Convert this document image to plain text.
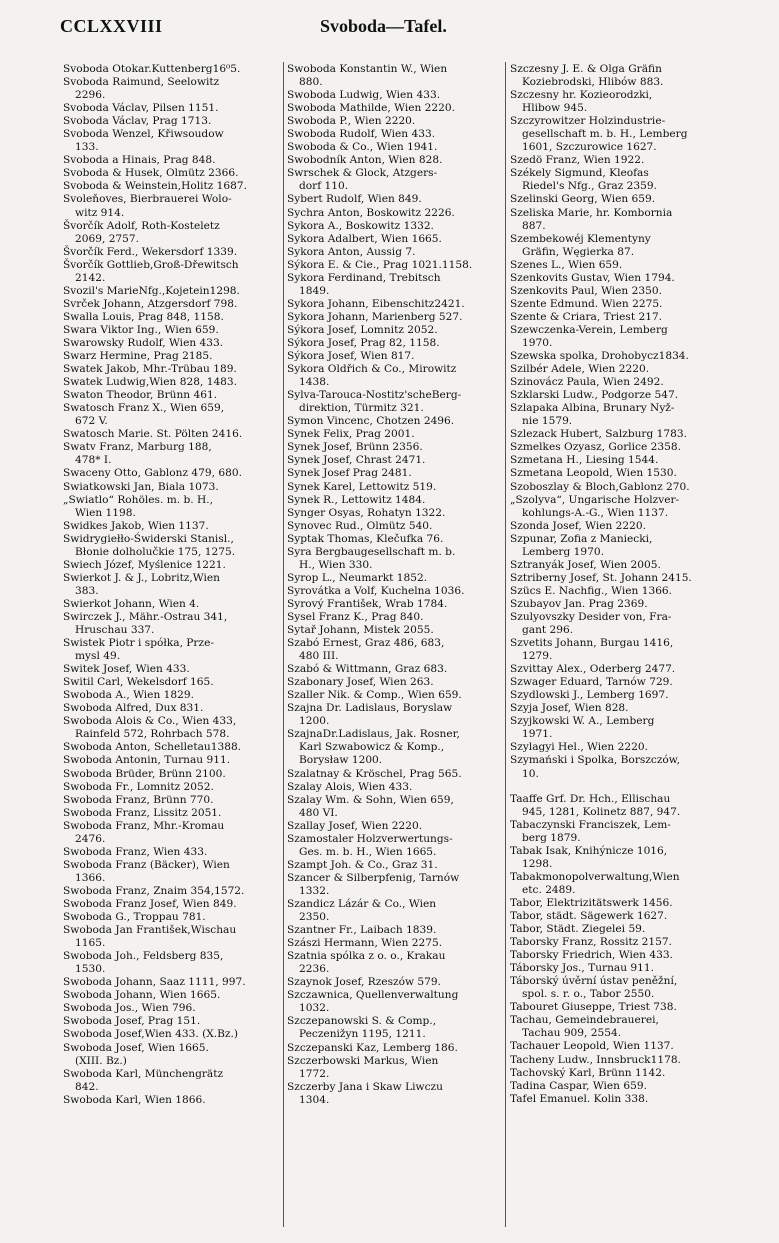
CCLXXVIII	Svoboda—Tafel.
Svoboda Otokar.Kuttenberg16⁰5.
Svoboda Raimund, Seelowitz
2296.
Svoboda Václav, Pilsen 1151.
Svoboda Václav, Prag 1713.
Svoboda Wenzel, Křiwsoudow
133.
Svoboda a Hinais, Prag 848.
Svoboda & Husek, Olmütz 2366.
Svoboda & Weinstein,Holitz 1687.
Svoleňoves, Bierbrauerei Wolo-
witz 914.
Švorčík Adolf, Roth-Kosteletz
2069, 2757.
Švorčík Ferd., Wekersdorf 1339.
Švorčík Gottlieb,Groß-Dřewitsch
2142.
Svozil's MarieNfg.,Kojetein1298.
Svrček Johann, Atzgersdorf 798.
Swalla Louis, Prag 848, 1158.
Swara Viktor Ing., Wien 659.
Swarowsky Rudolf, Wien 433.
Swarz Hermine, Prag 2185.
Swatek Jakob, Mhr.-Trübau 189.
Swatek Ludwig,Wien 828, 1483.
Swaton Theodor, Brünn 461.
Swatosch Franz X., Wien 659,
672 V.
Swatosch Marie. St. Pölten 2416.
Swatv Franz, Marburg 188,
478* I.
Swaceny Otto, Gablonz 479, 680.
Swiatkowski Jan, Biala 1073.
„Swiatlo“ Rohöles. m. b. H.,
Wien 1198.
Swidkes Jakob, Wien 1137.
Swidrygiełło-Świderski Stanisl.,
Błonie dolholučkie 175, 1275.
Swiech Józef, Myślenice 1221.
Swierkot J. & J., Lobritz,Wien
383.
Swierkot Johann, Wien 4.
Swirczek J., Mähr.-Ostrau 341,
Hruschau 337.
Swistek Piotr i spółka, Prze-
mysl 49.
Switek Josef, Wien 433.
Switil Carl, Wekelsdorf 165.
Swoboda A., Wien 1829.
Swoboda Alfred, Dux 831.
Swoboda Alois & Co., Wien 433,
Rainfeld 572, Rohrbach 578.
Swoboda Anton, Schelletau1388.
Swoboda Antonin, Turnau 911.
Swoboda Brüder, Brünn 2100.
Swoboda Fr., Lomnitz 2052.
Swoboda Franz, Brünn 770.
Swoboda Franz, Lissitz 2051.
Swoboda Franz, Mhr.-Kromau
2476.
Swoboda Franz, Wien 433.
Swoboda Franz (Bäcker), Wien
1366.
Swoboda Franz, Znaim 354,1572.
Swoboda Franz Josef, Wien 849.
Swoboda G., Troppau 781.
Swoboda Jan František,Wischau
1165.
Swoboda Joh., Feldsberg 835,
1530.
Swoboda Johann, Saaz 1111, 997.
Swoboda Johann, Wien 1665.
Swoboda Jos., Wien 796.
Swoboda Josef, Prag 151.
Swoboda Josef,Wien 433. (X.Bz.)
Swoboda Josef, Wien 1665.
(XIII. Bz.)
Swoboda Karl, Münchengrätz
842.
Swoboda Karl, Wien 1866.
Swoboda Konstantin W., Wien
880.
Swoboda Ludwig, Wien 433.
Swoboda Mathilde, Wien 2220.
Swoboda P., Wien 2220.
Swoboda Rudolf, Wien 433.
Swoboda & Co., Wien 1941.
Swobodník Anton, Wien 828.
Swrschek & Glock, Atzgers-
dorf 110.
Sybert Rudolf, Wien 849.
Sychra Anton, Boskowitz 2226.
Sykora A., Boskowitz 1332.
Sykora Adalbert, Wien 1665.
Sykora Anton, Aussig 7.
Sýkora E. & Cie., Prag 1021.1158.
Sykora Ferdinand, Trebitsch
1849.
Sykora Johann, Eibenschitz2421.
Sykora Johann, Marienberg 527.
Sýkora Josef, Lomnitz 2052.
Sýkora Josef, Prag 82, 1158.
Sýkora Josef, Wien 817.
Sykora Oldřich & Co., Mirowitz
1438.
Sylva-Tarouca-Nostitz'scheBerg-
direktion, Türmitz 321.
Symon Vincenc, Chotzen 2496.
Synek Felix, Prag 2001.
Synek Josef, Brünn 2356.
Synek Josef, Chrast 2471.
Synek Josef Prag 2481.
Synek Karel, Lettowitz 519.
Synek R., Lettowitz 1484.
Synger Osyas, Rohatyn 1322.
Synovec Rud., Olmütz 540.
Syptak Thomas, Klečufka 76.
Syra Bergbaugesellschaft m. b.
H., Wien 330.
Syrop L., Neumarkt 1852.
Syrovátka a Volf, Kuchelna 1036.
Syrový František, Wrab 1784.
Sysel Franz K., Prag 840.
Sytař Johann, Mistek 2055.
Szabó Ernest, Graz 486, 683,
480 III.
Szabó & Wittmann, Graz 683.
Szabonary Josef, Wien 263.
Szaller Nik. & Comp., Wien 659.
Szajna Dr. Ladislaus, Boryslaw
1200.
SzajnaDr.Ladislaus, Jak. Rosner,
Karl Szwabowicz & Komp.,
Borysław 1200.
Szalatnay & Kröschel, Prag 565.
Szalay Alois, Wien 433.
Szalay Wm. & Sohn, Wien 659,
480 VI.
Szallay Josef, Wien 2220.
Szamostaler Holzverwertungs-
Ges. m. b. H., Wien 1665.
Szampt Joh. & Co., Graz 31.
Szancer & Silberpfenig, Tarnów
1332.
Szandicz Lázár & Co., Wien
2350.
Szantner Fr., Laibach 1839.
Szászi Hermann, Wien 2275.
Szatnia spólka z o. o., Krakau
2236.
Szaynok Josef, Rzeszów 579.
Szczawnica, Quellenverwaltung
1032.
Szczepanowski S. & Comp.,
Peczenižyn 1195, 1211.
Szczepanski Kaz, Lemberg 186.
Szczerbowski Markus, Wien
1772.
Szczerby Jana i Skaw Liwczu
1304.
Szczesny J. E. & Olga Gräfin
Koziebrodski, Hlibów 883.
Szczesny hr. Kozieorodzki,
Hlibow 945.
Szczyrowitzer Holzindustrie-
gesellschaft m. b. H., Lemberg
1601, Szczurowice 1627.
Szedö Franz, Wien 1922.
Székely Sigmund, Kleofas
Riedel's Nfg., Graz 2359.
Szelinski Georg, Wien 659.
Szeliska Marie, hr. Kombornia
887.
Szembekowéj Klementyny
Gräfin, Węgierka 87.
Szenes L., Wien 659.
Szenkovits Gustav, Wien 1794.
Szenkovits Paul, Wien 2350.
Szente Edmund. Wien 2275.
Szente & Criara, Triest 217.
Szewczenka-Verein, Lemberg
1970.
Szewska spolka, Drohobycz1834.
Szilbér Adele, Wien 2220.
Szinovácz Paula, Wien 2492.
Szklarski Ludw., Podgorze 547.
Szlapaka Albina, Brunary Nyž-
nie 1579.
Szlezack Hubert, Salzburg 1783.
Szmelkes Ozyasz, Gorlice 2358.
Szmetana H., Liesing 1544.
Szmetana Leopold, Wien 1530.
Szoboszlay & Bloch,Gablonz 270.
„Szolyva“, Ungarische Holzver-
kohlungs-A.-G., Wien 1137.
Szonda Josef, Wien 2220.
Szpunar, Zofia z Maniecki,
Lemberg 1970.
Sztranyák Josef, Wien 2005.
Sztriberny Josef, St. Johann 2415.
Szücs E. Nachfig., Wien 1366.
Szubayov Jan. Prag 2369.
Szulyovszky Desider von, Fra-
gant 296.
Szvetits Johann, Burgau 1416,
1279.
Szvittay Alex., Oderberg 2477.
Szwager Eduard, Tarnów 729.
Szydlowski J., Lemberg 1697.
Szyja Josef, Wien 828.
Szyjkowski W. A., Lemberg
1971.
Szylagyi Hel., Wien 2220.
Szymański i Spolka, Borszczów,
10.
Taaffe Grf. Dr. Hch., Ellischau
945, 1281, Kolinetz 887, 947.
Tabaczynski Franciszek, Lem-
berg 1879.
Tabak Isak, Knihýnicze 1016,
1298.
Tabakmonopolverwaltung,Wien
etc. 2489.
Tabor, Elektrizitätswerk 1456.
Tabor, städt. Sägewerk 1627.
Tabor, Städt. Ziegelei 59.
Taborsky Franz, Rossitz 2157.
Taborsky Friedrich, Wien 433.
Táborsky Jos., Turnau 911.
Táborský úvěrní ústav peněžní,
spol. s. r. o., Tabor 2550.
Tabouret Giuseppe, Triest 738.
Tachau, Gemeindebrauerei,
Tachau 909, 2554.
Tachauer Leopold, Wien 1137.
Tacheny Ludw., Innsbruck1178.
Tachovský Karl, Brünn 1142.
Tadina Caspar, Wien 659.
Tafel Emanuel. Kolin 338.
